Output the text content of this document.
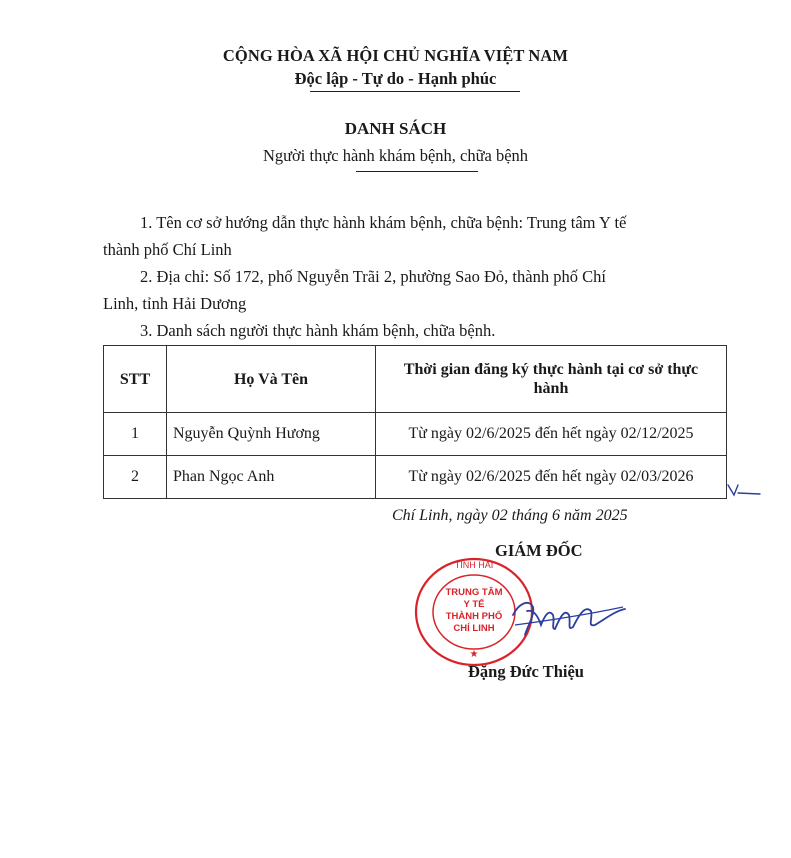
CỘNG HÒA XÃ HỘI CHỦ NGHĨA VIỆT NAM
Độc lập - Tự do - Hạnh phúc
DANH SÁCH
Người thực hành khám bệnh, chữa bệnh
1. Tên cơ sở hướng dẫn thực hành khám bệnh, chữa bệnh: Trung tâm Y tế
thành phố Chí Linh
2. Địa chỉ: Số 172, phố Nguyễn Trãi 2, phường Sao Đỏ, thành phố Chí
Linh, tỉnh Hải Dương
3. Danh sách người thực hành khám bệnh, chữa bệnh.
STT	Họ Và Tên	Thời gian đăng ký thực hành tại cơ sở thực
hành
1	Nguyễn Quỳnh Hương	Từ ngày 02/6/2025 đến hết ngày 02/12/2025
2	Phan Ngọc Anh	Từ ngày 02/6/2025 đến hết ngày 02/03/2026
Chí Linh, ngày 02 tháng 6 năm 2025
GIÁM ĐỐC
TỈNH HẢI
TRUNG TÂM
Y TẾ
THÀNH PHỐ
CHÍ LINH
★
Đặng Đức Thiệu
